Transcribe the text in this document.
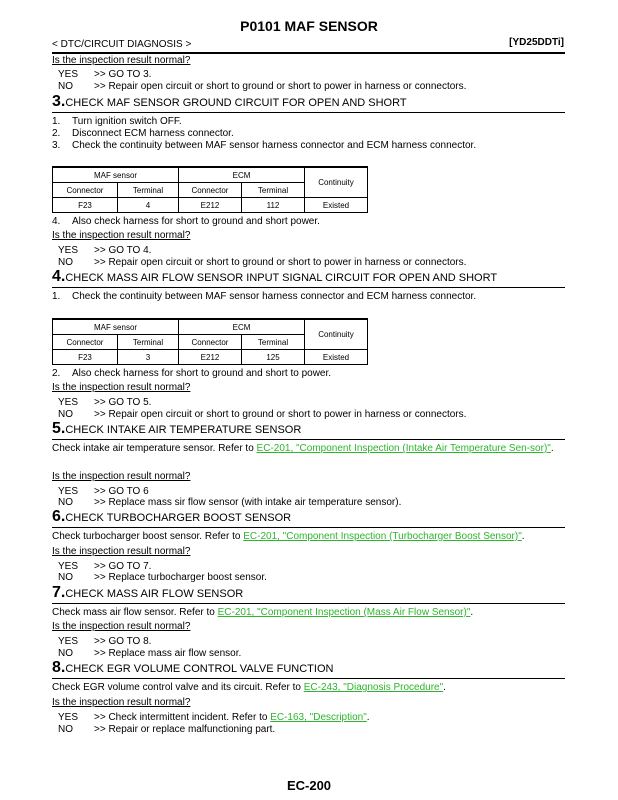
P0101 MAF SENSOR
< DTC/CIRCUIT DIAGNOSIS >	[YD25DDTi]
Is the inspection result normal?
YES >> GO TO 3.
NO >> Repair open circuit or short to ground or short to power in harness or connectors.
3.CHECK MAF SENSOR GROUND CIRCUIT FOR OPEN AND SHORT
1. Turn ignition switch OFF.
2. Disconnect ECM harness connector.
3. Check the continuity between MAF sensor harness connector and ECM harness connector.
MAF sensor		ECM		Continuity
Connector	Terminal	Connector	Terminal	
F23	4	E212	112	Existed
4. Also check harness for short to ground and short power.
Is the inspection result normal?
YES >> GO TO 4.
NO >> Repair open circuit or short to ground or short to power in harness or connectors.
4.CHECK MASS AIR FLOW SENSOR INPUT SIGNAL CIRCUIT FOR OPEN AND SHORT
1. Check the continuity between MAF sensor harness connector and ECM harness connector.
MAF sensor		ECM		Continuity
Connector	Terminal	Connector	Terminal	
F23	3	E212	125	Existed
2. Also check harness for short to ground and short to power.
Is the inspection result normal?
YES >> GO TO 5.
NO >> Repair open circuit or short to ground or short to power in harness or connectors.
5.CHECK INTAKE AIR TEMPERATURE SENSOR
Check intake air temperature sensor. Refer to EC-201, "Component Inspection (Intake Air Temperature Sen-sor)".
Is the inspection result normal?
YES >> GO TO 6
NO >> Replace mass sir flow sensor (with intake air temperature sensor).
6.CHECK TURBOCHARGER BOOST SENSOR
Check turbocharger boost sensor. Refer to EC-201, "Component Inspection (Turbocharger Boost Sensor)".
Is the inspection result normal?
YES >> GO TO 7.
NO >> Replace turbocharger boost sensor.
7.CHECK MASS AIR FLOW SENSOR
Check mass air flow sensor. Refer to EC-201, "Component Inspection (Mass Air Flow Sensor)".
Is the inspection result normal?
YES >> GO TO 8.
NO >> Replace mass air flow sensor.
8.CHECK EGR VOLUME CONTROL VALVE FUNCTION
Check EGR volume control valve and its circuit. Refer to EC-243, "Diagnosis Procedure".
Is the inspection result normal?
YES >> Check intermittent incident. Refer to EC-163, "Description".
NO >> Repair or replace malfunctioning part.
EC-200
